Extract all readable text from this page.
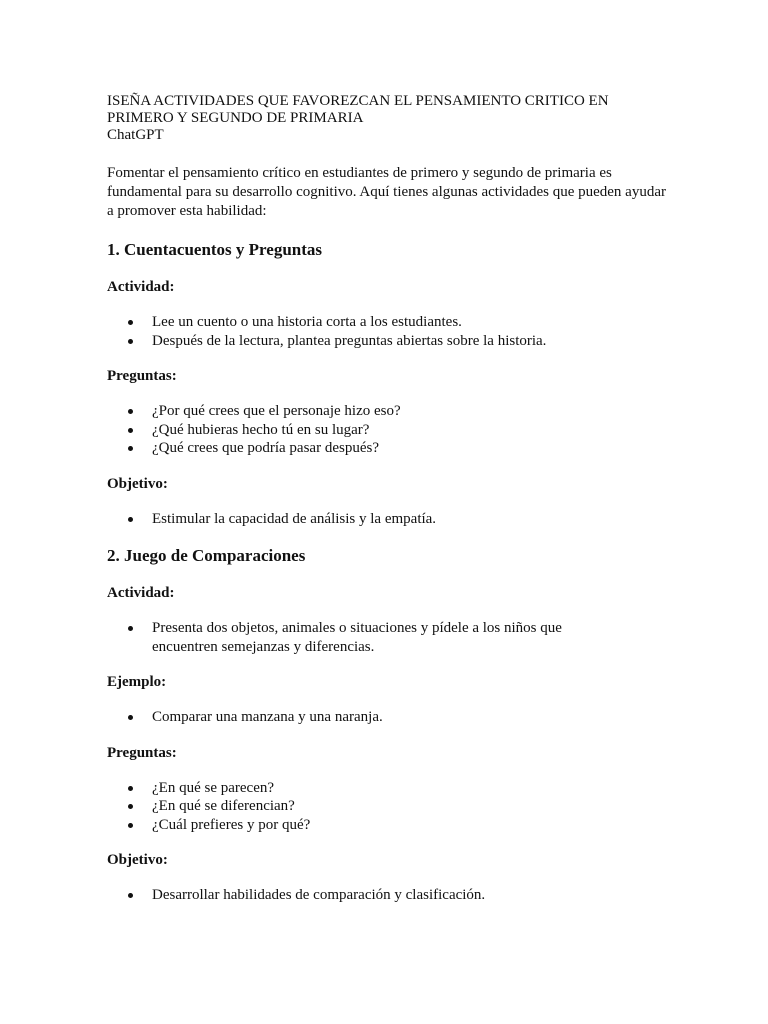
ISEÑA ACTIVIDADES QUE FAVOREZCAN EL PENSAMIENTO CRITICO EN

PRIMERO Y SEGUNDO DE PRIMARIA

ChatGPT

Fomentar el pensamiento crítico en estudiantes de primero y segundo de primaria es fundamental para su desarrollo cognitivo. Aquí tienes algunas actividades que pueden ayudar a promover esta habilidad:

1. Cuentacuentos y Preguntas

Actividad:

Lee un cuento o una historia corta a los estudiantes.
Después de la lectura, plantea preguntas abiertas sobre la historia.

Preguntas:

¿Por qué crees que el personaje hizo eso?
¿Qué hubieras hecho tú en su lugar?
¿Qué crees que podría pasar después?

Objetivo:

Estimular la capacidad de análisis y la empatía.
2. Juego de Comparaciones

Actividad:

Presenta dos objetos, animales o situaciones y pídele a los niños que encuentren semejanzas y diferencias.

Ejemplo:

Comparar una manzana y una naranja.

Preguntas:

¿En qué se parecen?
¿En qué se diferencian?
¿Cuál prefieres y por qué?

Objetivo:

Desarrollar habilidades de comparación y clasificación.
